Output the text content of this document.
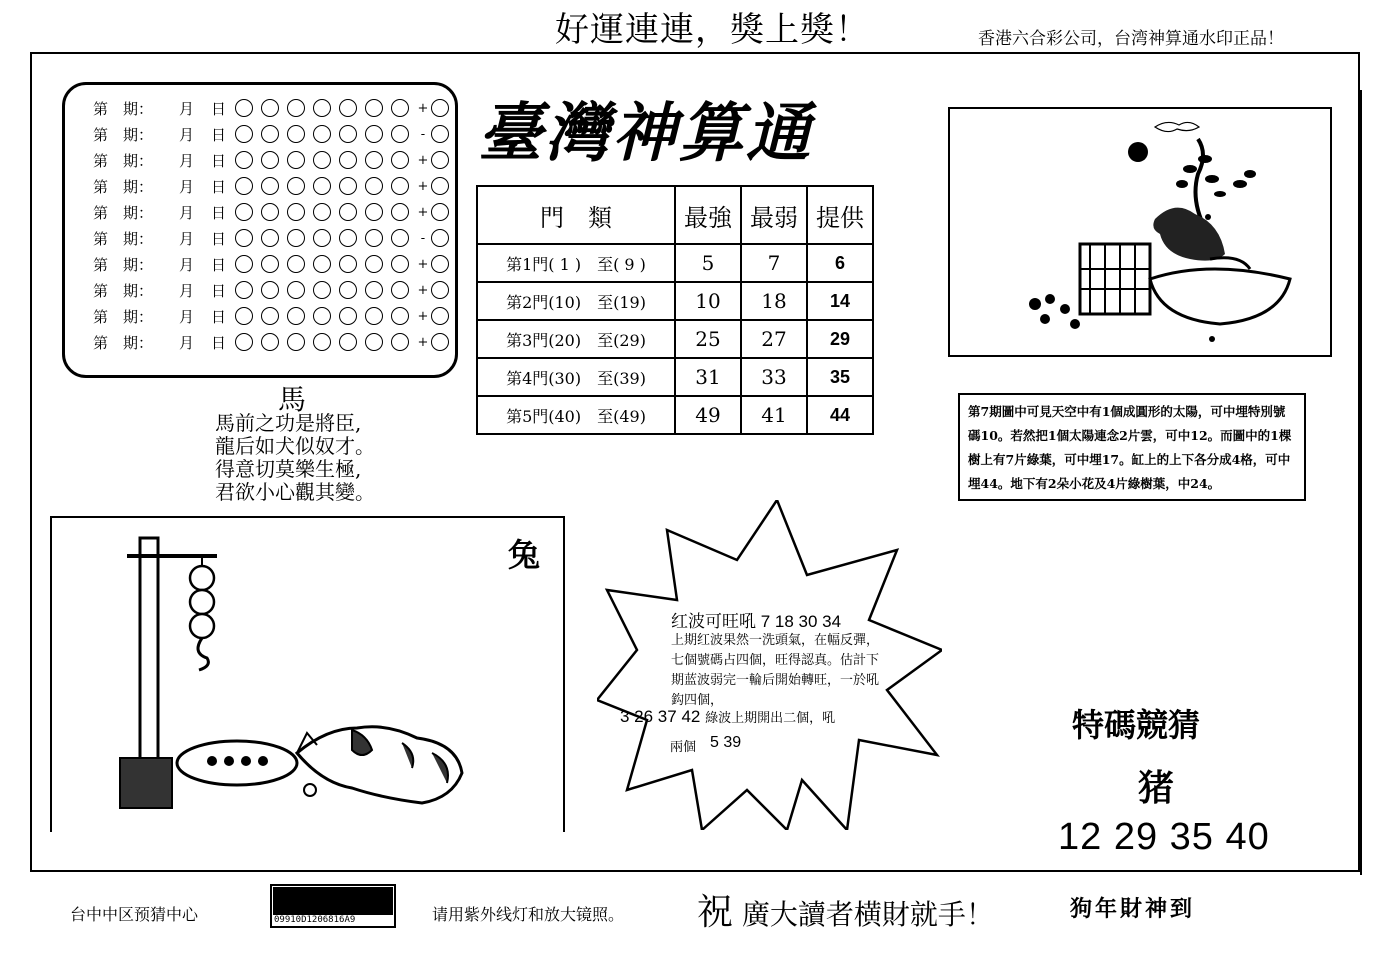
好運連連，獎上獎！	香港六合彩公司，台湾神算通水印正品！
第　期：	月	日	+
第　期：	月	日	-
第　期：	月	日	+
第　期：	月	日	+
第　期：	月	日	+
第　期：	月	日	-
第　期：	月	日	+
第　期：	月	日	+
第　期：	月	日	+
第　期：	月	日	+
臺灣神算通
門　類	最強	最弱	提供
第1門( 1 )　至( 9 )	5	7	6
第2門(10)　至(19)	10	18	14
第3門(20)　至(29)	25	27	29
第4門(30)　至(39)	31	33	35
第5門(40)　至(49)	49	41	44
馬
馬前之功是將臣,
龍后如犬似奴才。
得意切莫樂生極,
君欲小心觀其變。
第7期圖中可見天空中有1個成圓形的太陽，可中埋特別號碼10。若然把1個太陽連念2片雲，可中12。而圖中的1棵樹上有7片綠葉，可中埋17。缸上的上下各分成4格，可中埋44。地下有2朵小花及4片綠樹葉，中24。
兔
红波可旺吼 7 18 30 34
上期红波果然一洗頭氣，在幅反彈，七個號碼占四個，旺得認真。估計下期蓝波弱完一輪后開始轉旺，一於吼鈎四個，
3 26 37 42 綠波上期開出二個，吼
兩個 5 39	特碼競猜
猪
12 29 35 40
台中中区预猜中心	09910D1206816A9	请用紫外线灯和放大镜照。 祝 廣大讀者横財就手！	狗年財神到
